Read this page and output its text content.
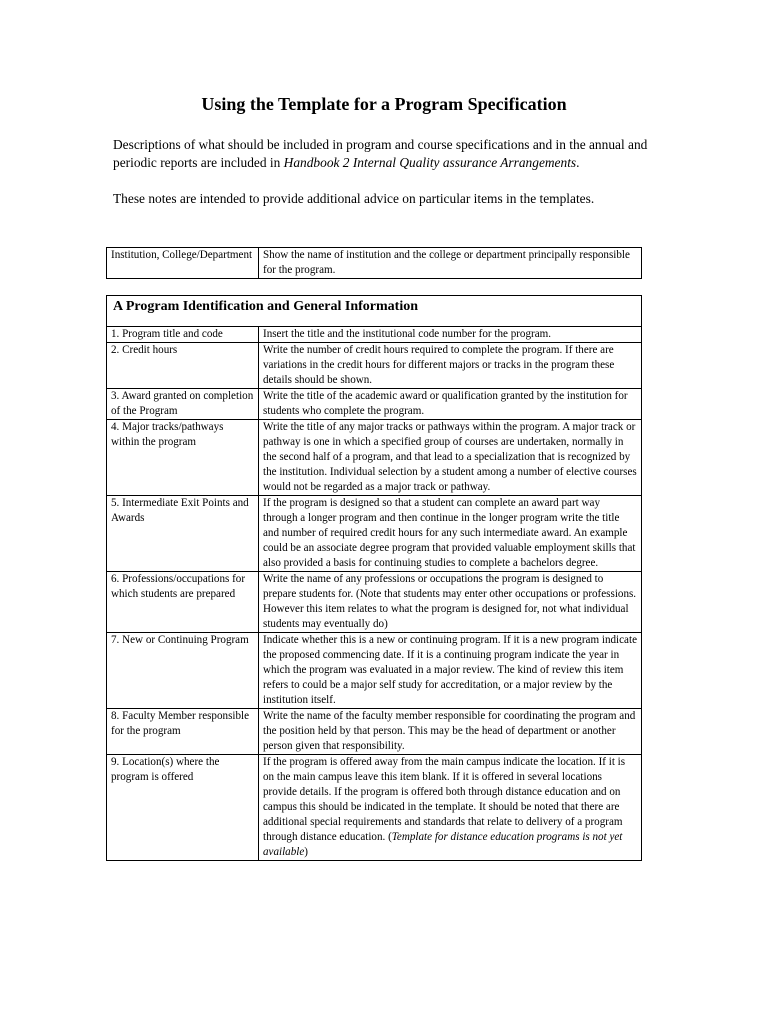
Using the Template for a Program Specification

Descriptions of what should be included in program and course specifications and in the annual and periodic reports are included in Handbook 2 Internal Quality assurance Arrangements.

These notes are intended to provide additional advice on particular items in the templates.

Institution, College/Department	Show the name of institution and the college or department principally responsible for the program.
A Program Identification and General Information	
1. Program title and code	Insert the title and the institutional code number for the program.
2. Credit hours	Write the number of credit hours required to complete the program. If there are variations in the credit hours for different majors or tracks in the program these details should be shown.
3. Award granted on completion of the Program	Write the title of the academic award or qualification granted by the institution for students who complete the program.
4. Major tracks/pathways within the program	Write the title of any major tracks or pathways within the program. A major track or pathway is one in which a specified group of courses are undertaken, normally in the second half of a program, and that lead to a specialization that is recognized by the institution. Individual selection by a student among a number of elective courses would not be regarded as a major track or pathway.
5. Intermediate Exit Points and Awards	If the program is designed so that a student can complete an award part way through a longer program and then continue in the longer program write the title and number of required credit hours for any such intermediate award. An example could be an associate degree program that provided valuable employment skills that also provided a basis for continuing studies to complete a bachelors degree.
6. Professions/occupations for which students are prepared	Write the name of any professions or occupations the program is designed to prepare students for. (Note that students may enter other occupations or professions. However this item relates to what the program is designed for, not what individual students may eventually do)
7. New or Continuing Program	Indicate whether this is a new or continuing program. If it is a new program indicate the proposed commencing date. If it is a continuing program indicate the year in which the program was evaluated in a major review. The kind of review this item refers to could be a major self study for accreditation, or a major review by the institution itself.
8. Faculty Member responsible for the program	Write the name of the faculty member responsible for coordinating the program and the position held by that person. This may be the head of department or another person given that responsibility.
9. Location(s) where the program is offered	If the program is offered away from the main campus indicate the location. If it is on the main campus leave this item blank. If it is offered in several locations provide details. If the program is offered both through distance education and on campus this should be indicated in the template. It should be noted that there are additional special requirements and standards that relate to delivery of a program through distance education. (Template for distance education programs is not yet available)
